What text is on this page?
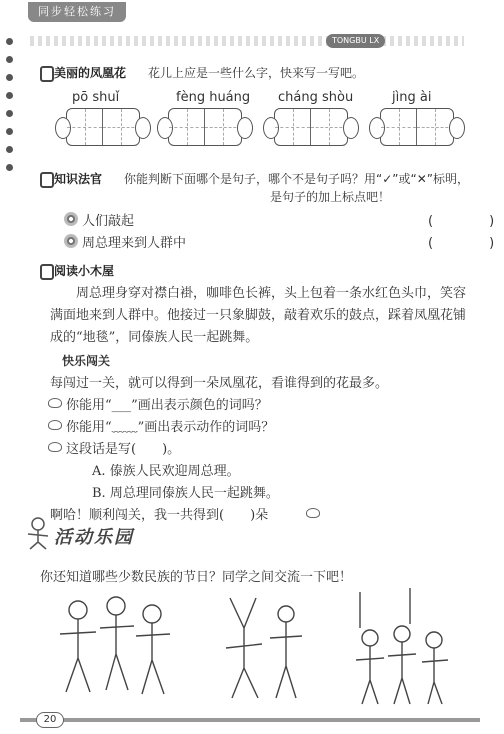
同步轻松练习
TONGBU LX
美丽的凤凰花 花儿上应是一些什么字，快来写一写吧。
pō shuǐ	fèng huáng cháng shòu	jìng ài
知识法官 你能判断下面哪个是句子，哪个不是句子吗？用“✓”或“✕”标明，
是句子的加上标点吧！
人们敲起	(　　)
周总理来到人群中	(　　)
阅读小木屋
周总理身穿对襟白褂，咖啡色长裤，头上包着一条水红色头巾，笑容满面地来到人群中。他接过一只象脚鼓，敲着欢乐的鼓点，踩着凤凰花铺成的“地毯”，同傣族人民一起跳舞。
快乐闯关
每闯过一关，就可以得到一朵凤凰花，看谁得到的花最多。
你能用“___”画出表示颜色的词吗？
你能用“﹏﹏”画出表示动作的词吗？
这段话是写(　　)。
A. 傣族人民欢迎周总理。
B. 周总理同傣族人民一起跳舞。
啊哈！顺利闯关，我一共得到(　　)朵
活动乐园
你还知道哪些少数民族的节日？同学之间交流一下吧！
20
